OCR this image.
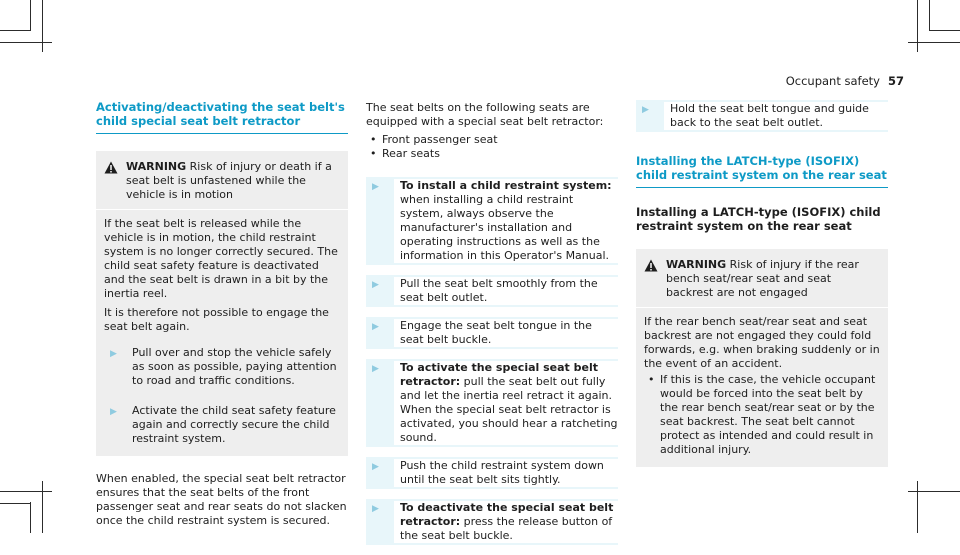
Occupant safety 57
Activating/deactivating the seat belt's child special seat belt retractor
WARNING Risk of injury or death if a seat belt is unfastened while the vehicle is in motion

If the seat belt is released while the vehicle is in motion, the child restraint system is no longer correctly secured. The child seat safety feature is deactivated and the seat belt is drawn in a bit by the inertia reel.

It is therefore not possible to engage the seat belt again.

▶	Pull over and stop the vehicle safely as soon as possible, paying attention to road and traffic conditions.
▶	Activate the child seat safety feature again and correctly secure the child restraint system.

When enabled, the special seat belt retractor ensures that the seat belts of the front passenger seat and rear seats do not slacken once the child restraint system is secured.

The seat belts on the following seats are equipped with a special seat belt retractor:

• Front passenger seat
• Rear seats
▶	To install a child restraint system: when installing a child restraint system, always observe the manufacturer's installation and operating instructions as well as the information in this Operator's Manual.
▶	Pull the seat belt smoothly from the seat belt outlet.
▶	Engage the seat belt tongue in the seat belt buckle.
▶	To activate the special seat belt retractor: pull the seat belt out fully and let the inertia reel retract it again.
When the special seat belt retractor is activated, you should hear a ratcheting sound.
▶	Push the child restraint system down until the seat belt sits tightly.
▶	To deactivate the special seat belt retractor: press the release button of the seat belt buckle.
▶	Hold the seat belt tongue and guide back to the seat belt outlet.
Installing the LATCH-type (ISOFIX) child restraint system on the rear seat
Installing a LATCH-type (ISOFIX) child restraint system on the rear seat
WARNING Risk of injury if the rear bench seat/rear seat and seat backrest are not engaged

If the rear bench seat/rear seat and seat backrest are not engaged they could fold forwards, e.g. when braking suddenly or in the event of an accident.

• If this is the case, the vehicle occupant would be forced into the seat belt by the rear bench seat/rear seat or by the seat backrest. The seat belt cannot protect as intended and could result in additional injury.
